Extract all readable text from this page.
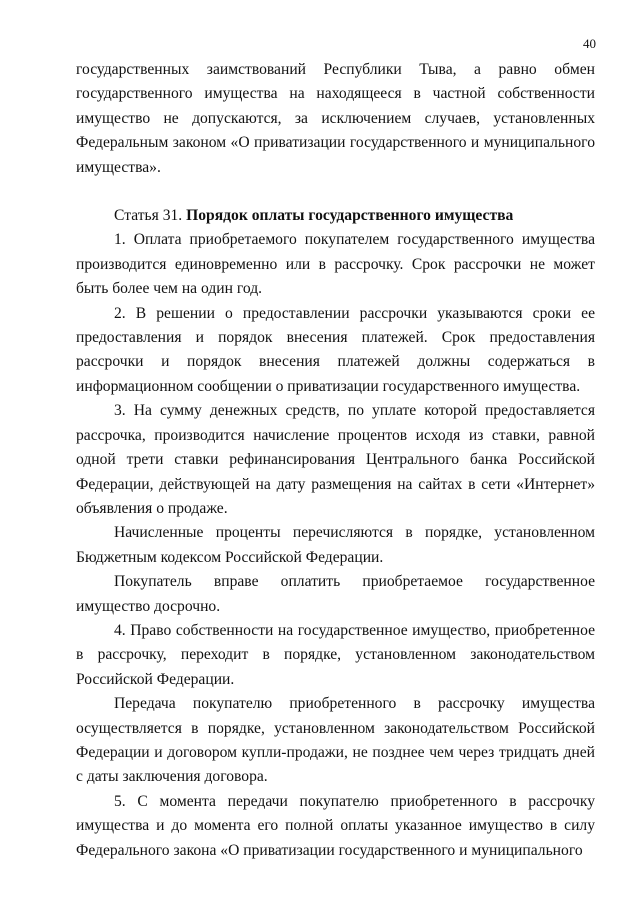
40

государственных заимствований Республики Тыва, а равно обмен государственного имущества на находящееся в частной собственности имущество не допускаются, за исключением случаев, установленных Федеральным законом «О приватизации государственного и муниципального имущества».

Статья 31. Порядок оплаты государственного имущества

1. Оплата приобретаемого покупателем государственного имущества производится единовременно или в рассрочку. Срок рассрочки не может быть более чем на один год.

2. В решении о предоставлении рассрочки указываются сроки ее предоставления и порядок внесения платежей. Срок предоставления рассрочки и порядок внесения платежей должны содержаться в информационном сообщении о приватизации государственного имущества.

3. На сумму денежных средств, по уплате которой предоставляется рассрочка, производится начисление процентов исходя из ставки, равной одной трети ставки рефинансирования Центрального банка Российской Федерации, действующей на дату размещения на сайтах в сети «Интернет» объявления о продаже.

Начисленные проценты перечисляются в порядке, установленном Бюджетным кодексом Российской Федерации.

Покупатель вправе оплатить приобретаемое государственное имущество досрочно.

4. Право собственности на государственное имущество, приобретенное в рассрочку, переходит в порядке, установленном законодательством Российской Федерации.

Передача покупателю приобретенного в рассрочку имущества осуществляется в порядке, установленном законодательством Российской Федерации и договором купли-продажи, не позднее чем через тридцать дней с даты заключения договора.

5. С момента передачи покупателю приобретенного в рассрочку имущества и до момента его полной оплаты указанное имущество в силу Федерального закона «О приватизации государственного и муниципального
